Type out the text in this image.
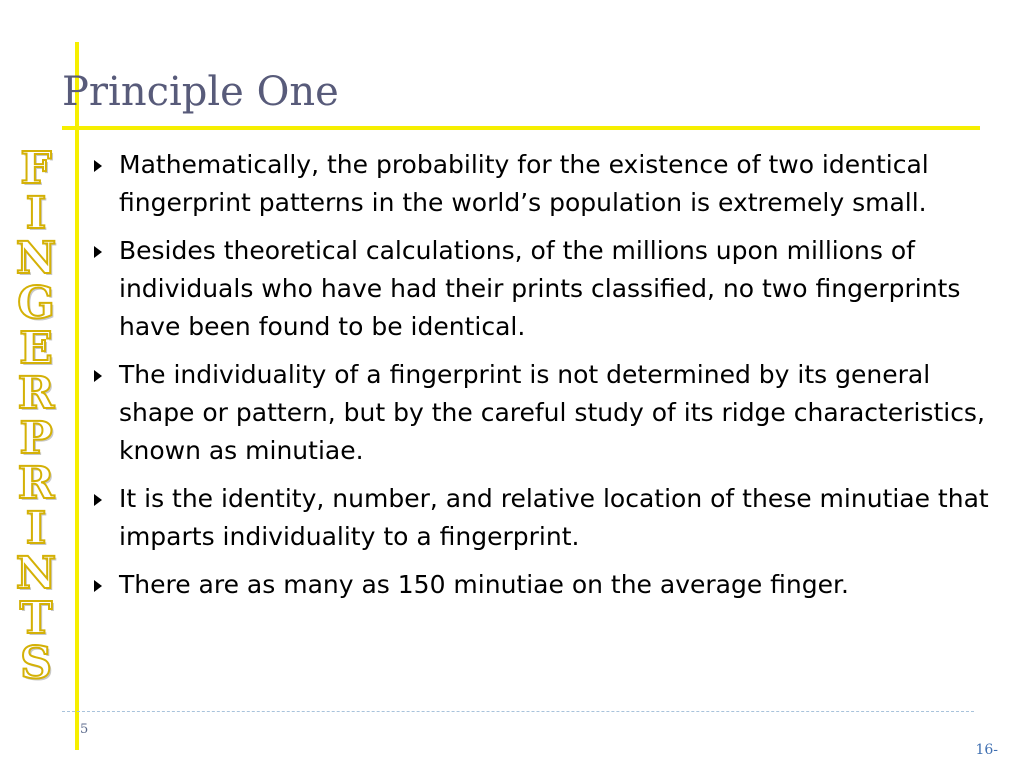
Principle One
F
I
N
G
E
R
P
R
I
N
T
S
Mathematically, the probability for the existence of two identical fingerprint patterns in the world’s population is extremely small.
Besides theoretical calculations, of the millions upon millions of individuals who have had their prints classified, no two fingerprints have been found to be identical.
The individuality of a fingerprint is not determined by its general shape or pattern, but by the careful study of its ridge characteristics, known as minutiae.
It is the identity, number, and relative location of these minutiae that imparts individuality to a fingerprint.
There are as many as 150 minutiae on the average finger.
5
16-
